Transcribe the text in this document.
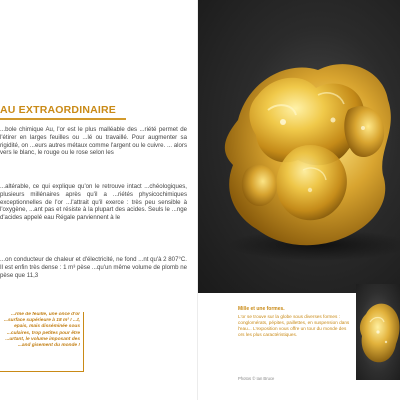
AU EXTRAORDINAIRE

...bole chimique Au, l'or est le plus malléable des ...riété permet de l'étirer en larges feuilles ou ...lé ou travaillé. Pour augmenter sa rigidité, on ...eurs autres métaux comme l'argent ou le cuivre. ... alors vers le blanc, le rouge ou le rose selon les

...altérable, ce qui explique qu'on le retrouve intact ...chéologiques, plusieurs millénaires après qu'il a ...riétés physicochimiques exceptionnelles de l'or ...l'attrait qu'il exerce : très peu sensible à l'oxygène, ...ant pas et résiste à la plupart des acides. Seuls le ...nge d'acides appelé eau Régale parviennent à le

...on conducteur de chaleur et d'électricité, ne fond ...nt qu'à 2 807°C. Il est enfin très dense : 1 m³ pèse ...qu'un même volume de plomb ne pèse que 11,3

...rme de feuille, une once d'or ...surface supérieure à 18 m² ! ...t, epais, mais disséminée sous ...culaires, trop petites pour être ...urtant, le volume imposant des ...and gisement du monde !

Mille et une formes.

L'or se trouve sur la globe sous diverses formes : conglomérats, pépites, paillettes, en suspension dans l'eau... L'exposition vous offre un tour du monde des ors les plus caractéristiques.

Photos © Ian Bruce
